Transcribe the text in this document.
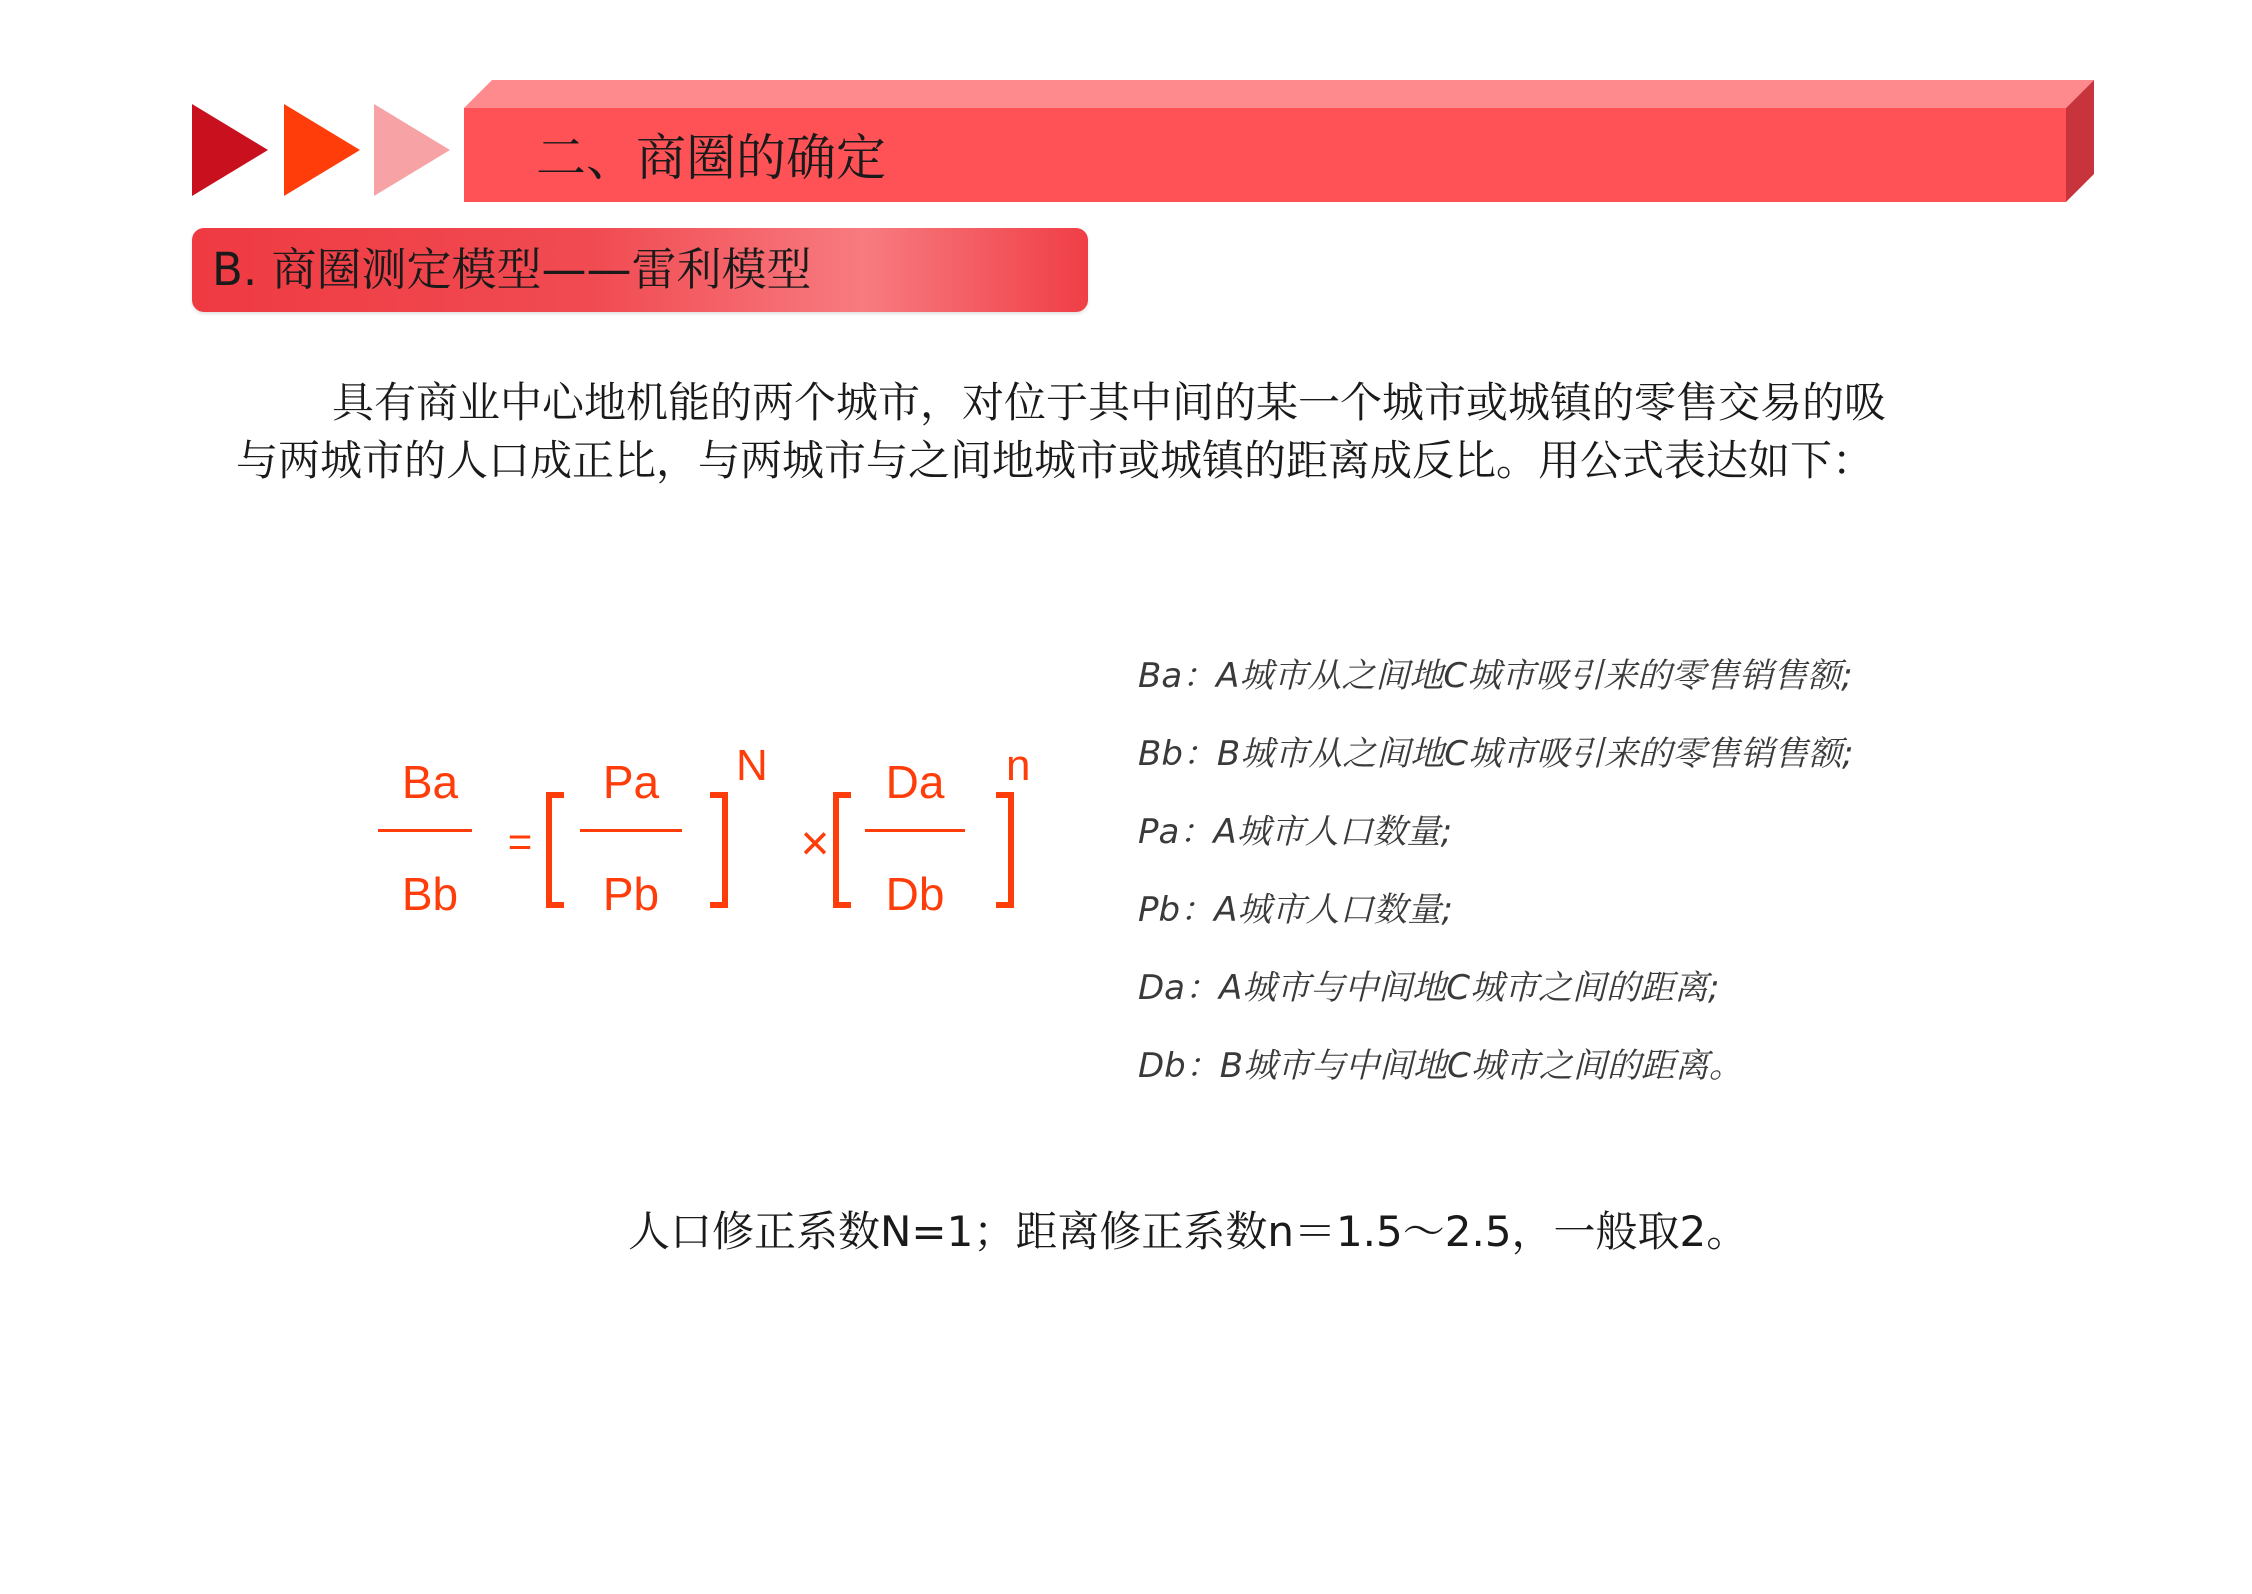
二、商圈的确定
B. 商圈测定模型——雷利模型
具有商业中心地机能的两个城市，对位于其中间的某一个城市或城镇的零售交易的吸
与两城市的人口成正比，与两城市与之间地城市或城镇的距离成反比。用公式表达如下：
Ba
Bb
=
Pa
Pb
N
×
Da
Db
n
Ba：A城市从之间地C城市吸引来的零售销售额;
Bb：B城市从之间地C城市吸引来的零售销售额;
Pa：A城市人口数量;
Pb：A城市人口数量;
Da：A城市与中间地C城市之间的距离;
Db：B城市与中间地C城市之间的距离。
人口修正系数N=1；距离修正系数n＝1.5～2.5，一般取2。
